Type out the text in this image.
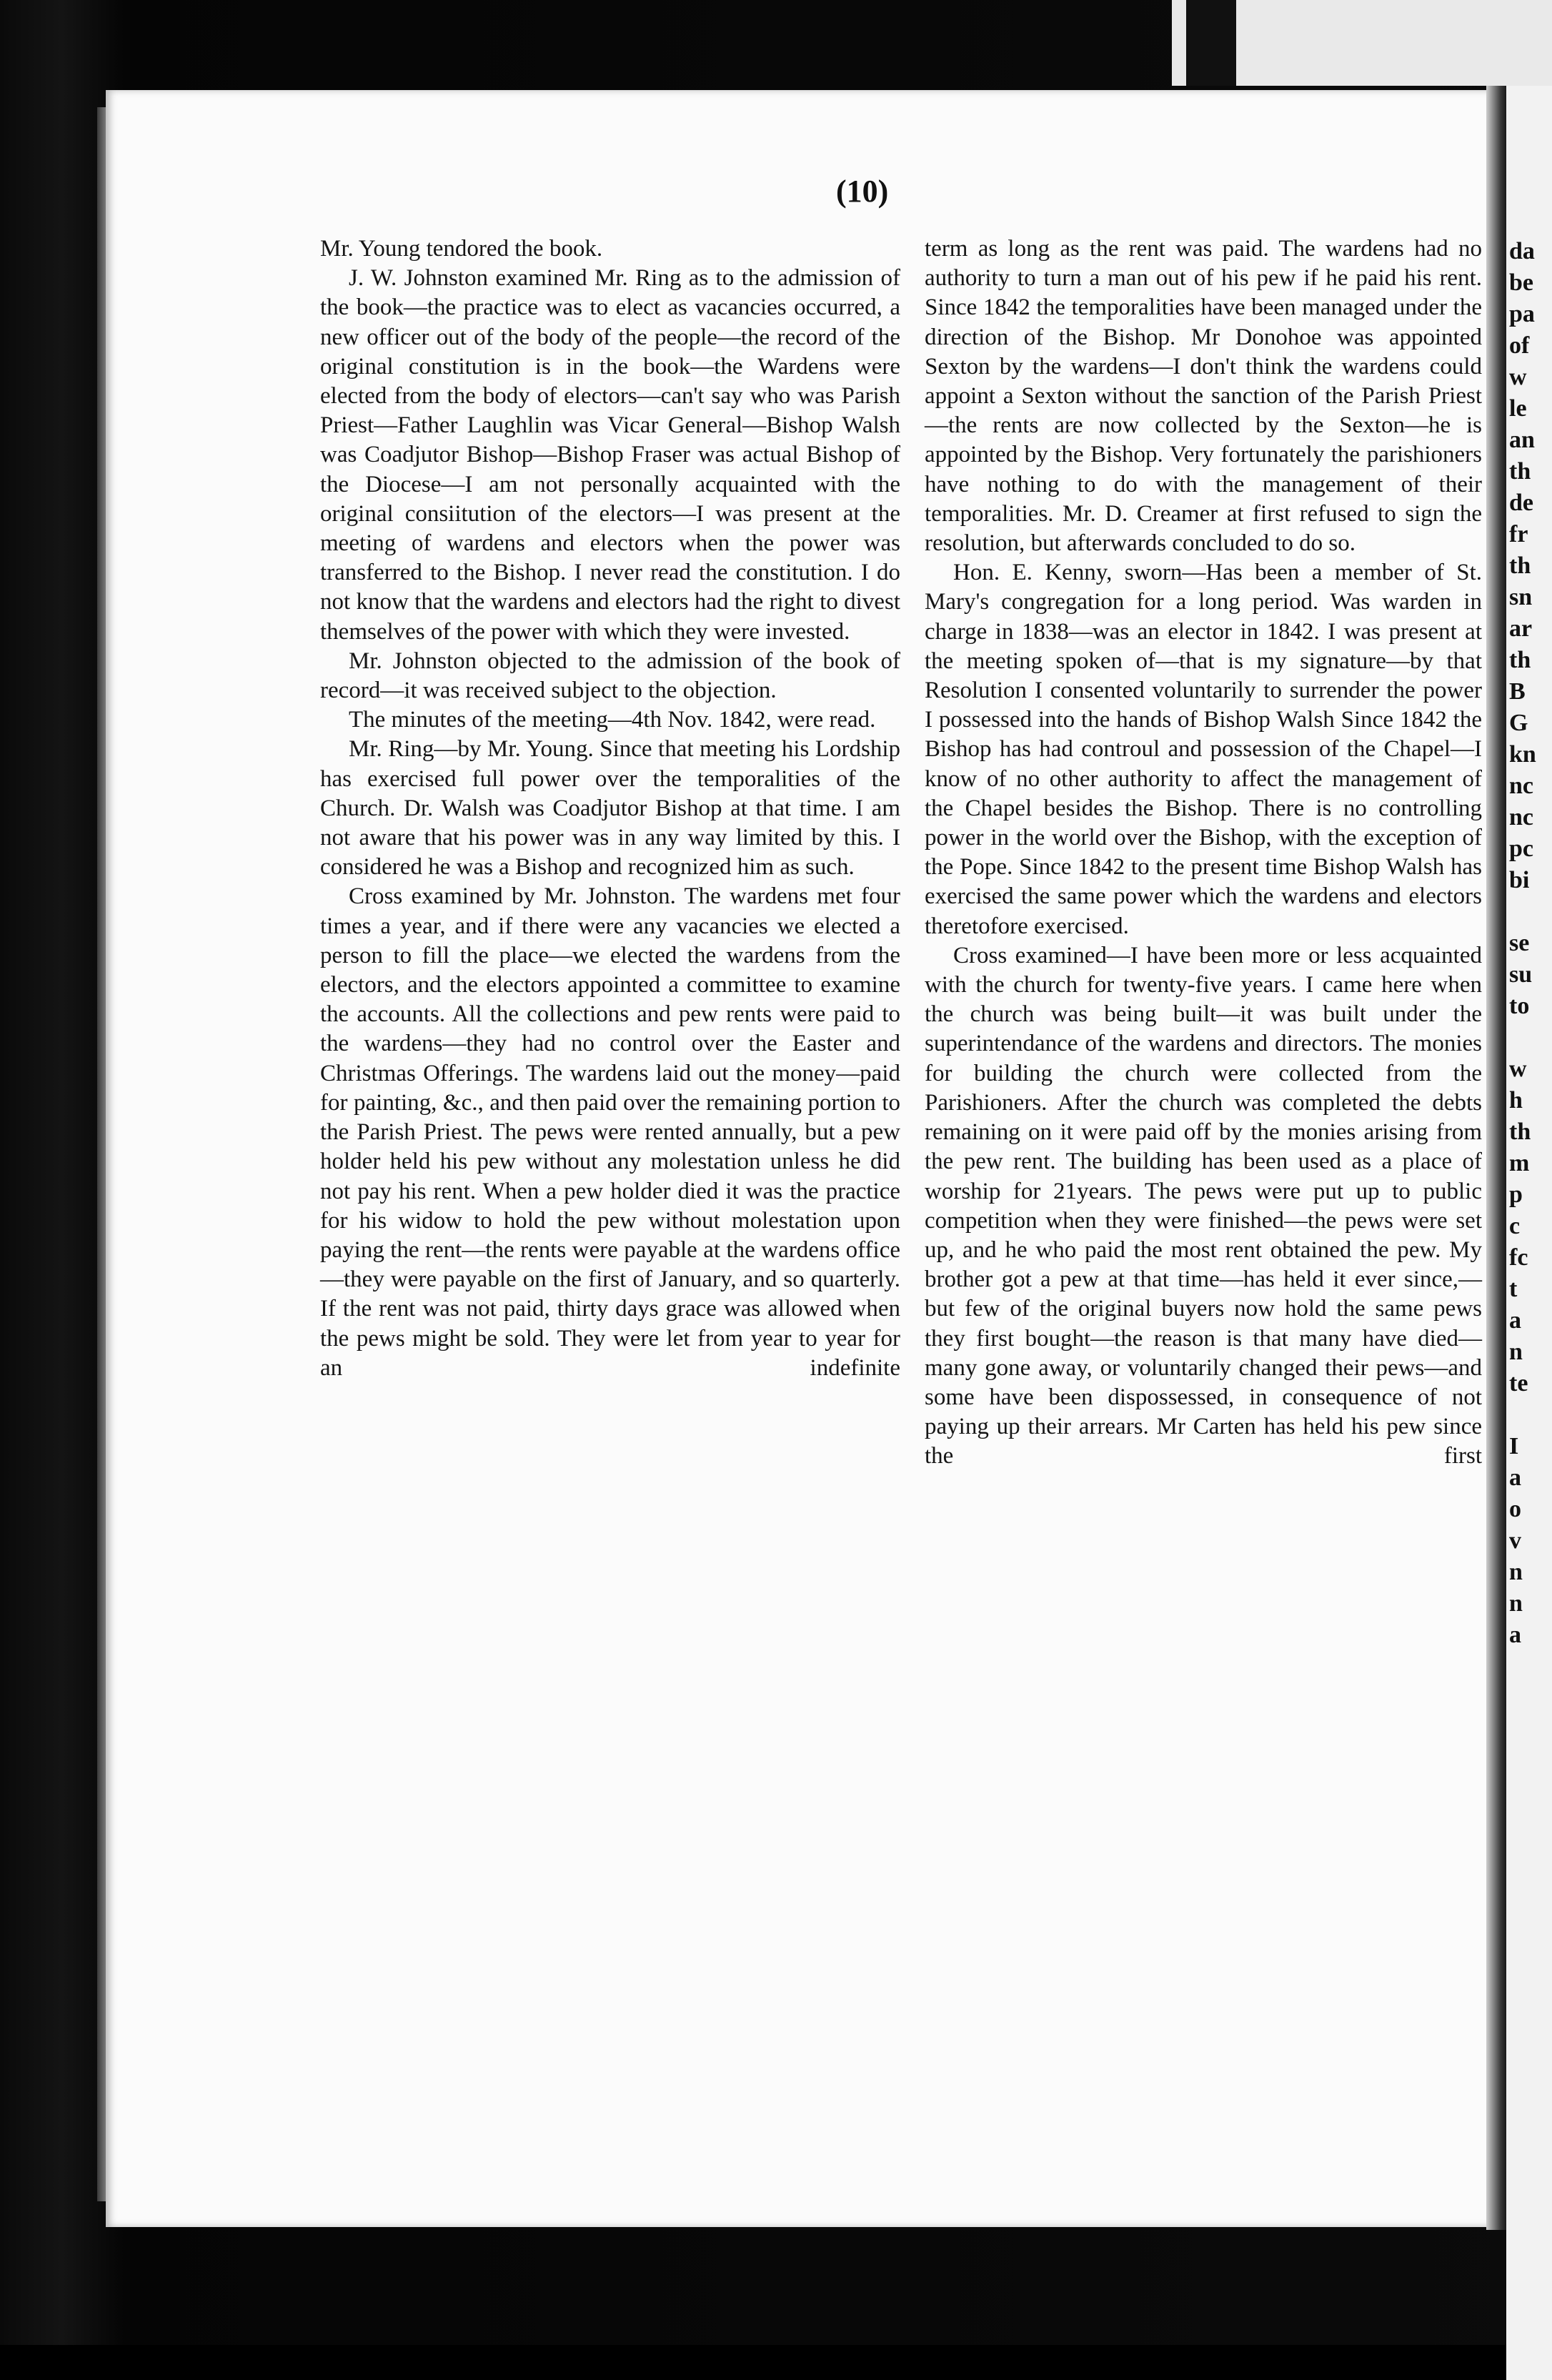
da
be
pa
of
w
le
an
th
de
fr
th
sn
ar
th
B
G
kn
nc
nc
pc
bi

se
su
to

w
h
th
m
p
c
fc
t
a
n
te

I
a
o
v
n
n
a
(10)

Mr. Young tendored the book.

J. W. Johnston examined Mr. Ring as to the admission of the book—the practice was to elect as vacancies occurred, a new officer out of the body of the people—the record of the original constitution is in the book—the Wardens were elected from the body of electors—can't say who was Parish Priest—Father Laughlin was Vicar General—Bishop Walsh was Coadjutor Bishop—Bishop Fraser was actual Bishop of the Diocese—I am not personally acquainted with the original consiitution of the electors—I was present at the meeting of wardens and electors when the power was transferred to the Bishop. I never read the constitution. I do not know that the wardens and electors had the right to divest themselves of the power with which they were invested.

Mr. Johnston objected to the admission of the book of record—it was received subject to the objection.

The minutes of the meeting—4th Nov. 1842, were read.

Mr. Ring—by Mr. Young. Since that meeting his Lordship has exercised full power over the temporalities of the Church. Dr. Walsh was Coadjutor Bishop at that time. I am not aware that his power was in any way limited by this. I considered he was a Bishop and recognized him as such.

Cross examined by Mr. Johnston. The wardens met four times a year, and if there were any vacancies we elected a person to fill the place—we elected the wardens from the electors, and the electors appointed a committee to examine the accounts. All the collections and pew rents were paid to the wardens—they had no control over the Easter and Christmas Offerings. The wardens laid out the money—paid for painting, &c., and then paid over the remaining portion to the Parish Priest. The pews were rented annually, but a pew holder held his pew without any molestation unless he did not pay his rent. When a pew holder died it was the practice for his widow to hold the pew without molestation upon paying the rent—the rents were payable at the wardens office—they were payable on the first of January, and so quarterly. If the rent was not paid, thirty days grace was allowed when the pews might be sold. They were let from year to year for an indefinite

term as long as the rent was paid. The wardens had no authority to turn a man out of his pew if he paid his rent. Since 1842 the temporalities have been managed under the direction of the Bishop. Mr Donohoe was appointed Sexton by the wardens—I don't think the wardens could appoint a Sexton without the sanction of the Parish Priest—the rents are now collected by the Sexton—he is appointed by the Bishop. Very fortunately the parishioners have nothing to do with the management of their temporalities. Mr. D. Creamer at first refused to sign the resolution, but afterwards concluded to do so.

Hon. E. Kenny, sworn—Has been a member of St. Mary's congregation for a long period. Was warden in charge in 1838—was an elector in 1842. I was present at the meeting spoken of—that is my signature—by that Resolution I consented voluntarily to surrender the power I possessed into the hands of Bishop Walsh Since 1842 the Bishop has had controul and possession of the Chapel—I know of no other authority to affect the management of the Chapel besides the Bishop. There is no controlling power in the world over the Bishop, with the exception of the Pope. Since 1842 to the present time Bishop Walsh has exercised the same power which the wardens and electors theretofore exercised.

Cross examined—I have been more or less acquainted with the church for twenty-five years. I came here when the church was being built—it was built under the superintendance of the wardens and directors. The monies for building the church were collected from the Parishioners. After the church was completed the debts remaining on it were paid off by the monies arising from the pew rent. The building has been used as a place of worship for 21years. The pews were put up to public competition when they were finished—the pews were set up, and he who paid the most rent obtained the pew. My brother got a pew at that time—has held it ever since,—but few of the original buyers now hold the same pews they first bought—the reason is that many have died—many gone away, or voluntarily changed their pews—and some have been dispossessed, in consequence of not paying up their arrears. Mr Carten has held his pew since the first
